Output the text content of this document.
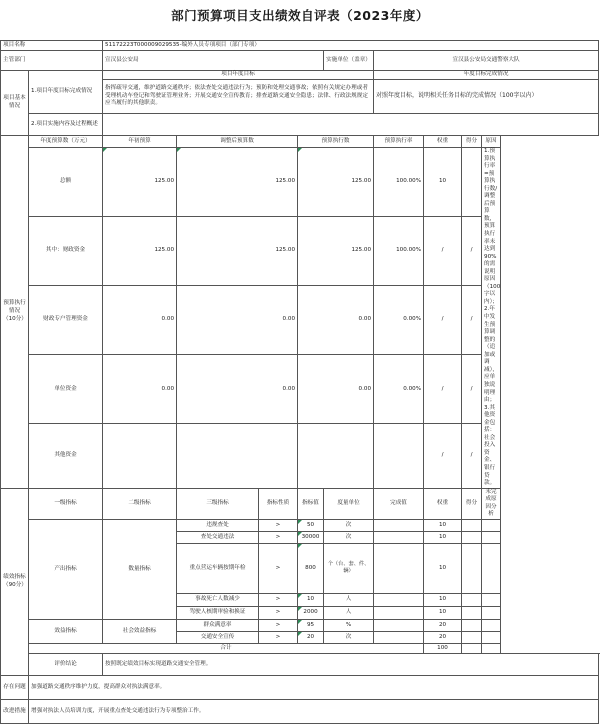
部门预算项目支出绩效自评表（2023年度）
项目名称		51172223T000009029535-编外人员专项项目（部门专项）								
主管部门		宣汉县公安局				实施单位（盖章）	宣汉县公安局交通警察大队			
项目基本情况	1.项目年度目标完成情况	项目年度目标					年度目标完成情况			
		指挥疏导交通，维护道路交通秩序；依法查处交通违法行为；预防和处理交通事故；依照有关规定办理或者受理机动车登记和驾驶证管理业务；开展交通安全宣传教育；排查道路交通安全隐患；法律、行政法规规定应当履行的其他职责。					对照年度目标，说明相关任务目标的完成情况（100字以内）			
	2.项目实施内容及过程概述									
预算执行情况（10分）	年度预算数（万元）	年初预算	调整后预算数		预算执行数		预算执行率	权重	得分	原因
	总额	125.00	125.00		125.00		100.00%	10		1.预算执行率=预算执行数/调整后预算数，预算执行率未达到90%的需说明原因（100字以内）；2.年中发生预算调整的（追加或调减），应单独说明理由；3.其他资金包括：社会投入资金、银行贷款。
	其中：财政资金	125.00	125.00		125.00		100.00%	/	/	
	财政专户管理资金	0.00	0.00		0.00		0.00%	/	/	
	单位资金	0.00	0.00		0.00		0.00%	/	/	
	其他资金							/	/	
绩效指标（90分）	一级指标	二级指标	三级指标	指标性质	指标值	度量单位	完成值	权重	得分	未完成原因分析
	产出指标	数量指标	违规查处	>	50	次		10		
			查处交通违法	>	30000	次		10		
			重点营运车辆按期年检	>	800	个（台、套、件、辆）		10		
			事故死亡人数减少	>	10	人		10		
			驾驶人核期审验和换证	>	2000	人		10		
	效益指标	社会效益指标	群众满意率	>	95	%		20		
			交通安全宣传	>	20	次		20		
	合计							100		
	评价结论	按照既定绩效目标实现道路交通安全管理。								
存在问题	加强道路交通秩序维护力度，提高群众对执法满意率。									
改进措施	增强对执法人员培训力度，开展重点查处交通违法行为专项整治工作。									
